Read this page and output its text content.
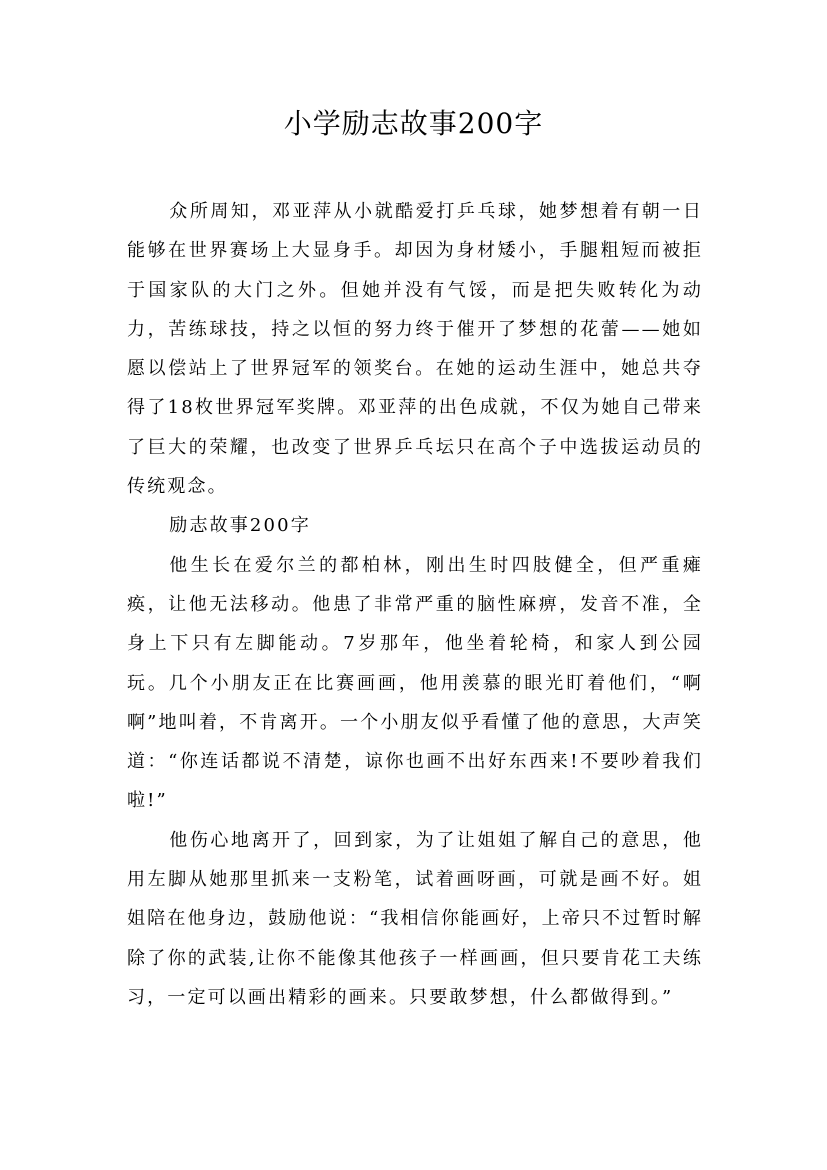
小学励志故事200字

众所周知，邓亚萍从小就酷爱打乒乓球，她梦想着有朝一日能够在世界赛场上大显身手。却因为身材矮小，手腿粗短而被拒于国家队的大门之外。但她并没有气馁，而是把失败转化为动力，苦练球技，持之以恒的努力终于催开了梦想的花蕾——她如愿以偿站上了世界冠军的领奖台。在她的运动生涯中，她总共夺得了18枚世界冠军奖牌。邓亚萍的出色成就，不仅为她自己带来了巨大的荣耀，也改变了世界乒乓坛只在高个子中选拔运动员的传统观念。

励志故事200字

他生长在爱尔兰的都柏林，刚出生时四肢健全，但严重瘫痪，让他无法移动。他患了非常严重的脑性麻痹，发音不准，全身上下只有左脚能动。7岁那年，他坐着轮椅，和家人到公园玩。几个小朋友正在比赛画画，他用羡慕的眼光盯着他们，“啊啊”地叫着，不肯离开。一个小朋友似乎看懂了他的意思，大声笑道：“你连话都说不清楚，谅你也画不出好东西来!不要吵着我们啦!”

他伤心地离开了，回到家，为了让姐姐了解自己的意思，他用左脚从她那里抓来一支粉笔，试着画呀画，可就是画不好。姐姐陪在他身边，鼓励他说：“我相信你能画好，上帝只不过暂时解除了你的武装,让你不能像其他孩子一样画画，但只要肯花工夫练习，一定可以画出精彩的画来。只要敢梦想，什么都做得到。”
